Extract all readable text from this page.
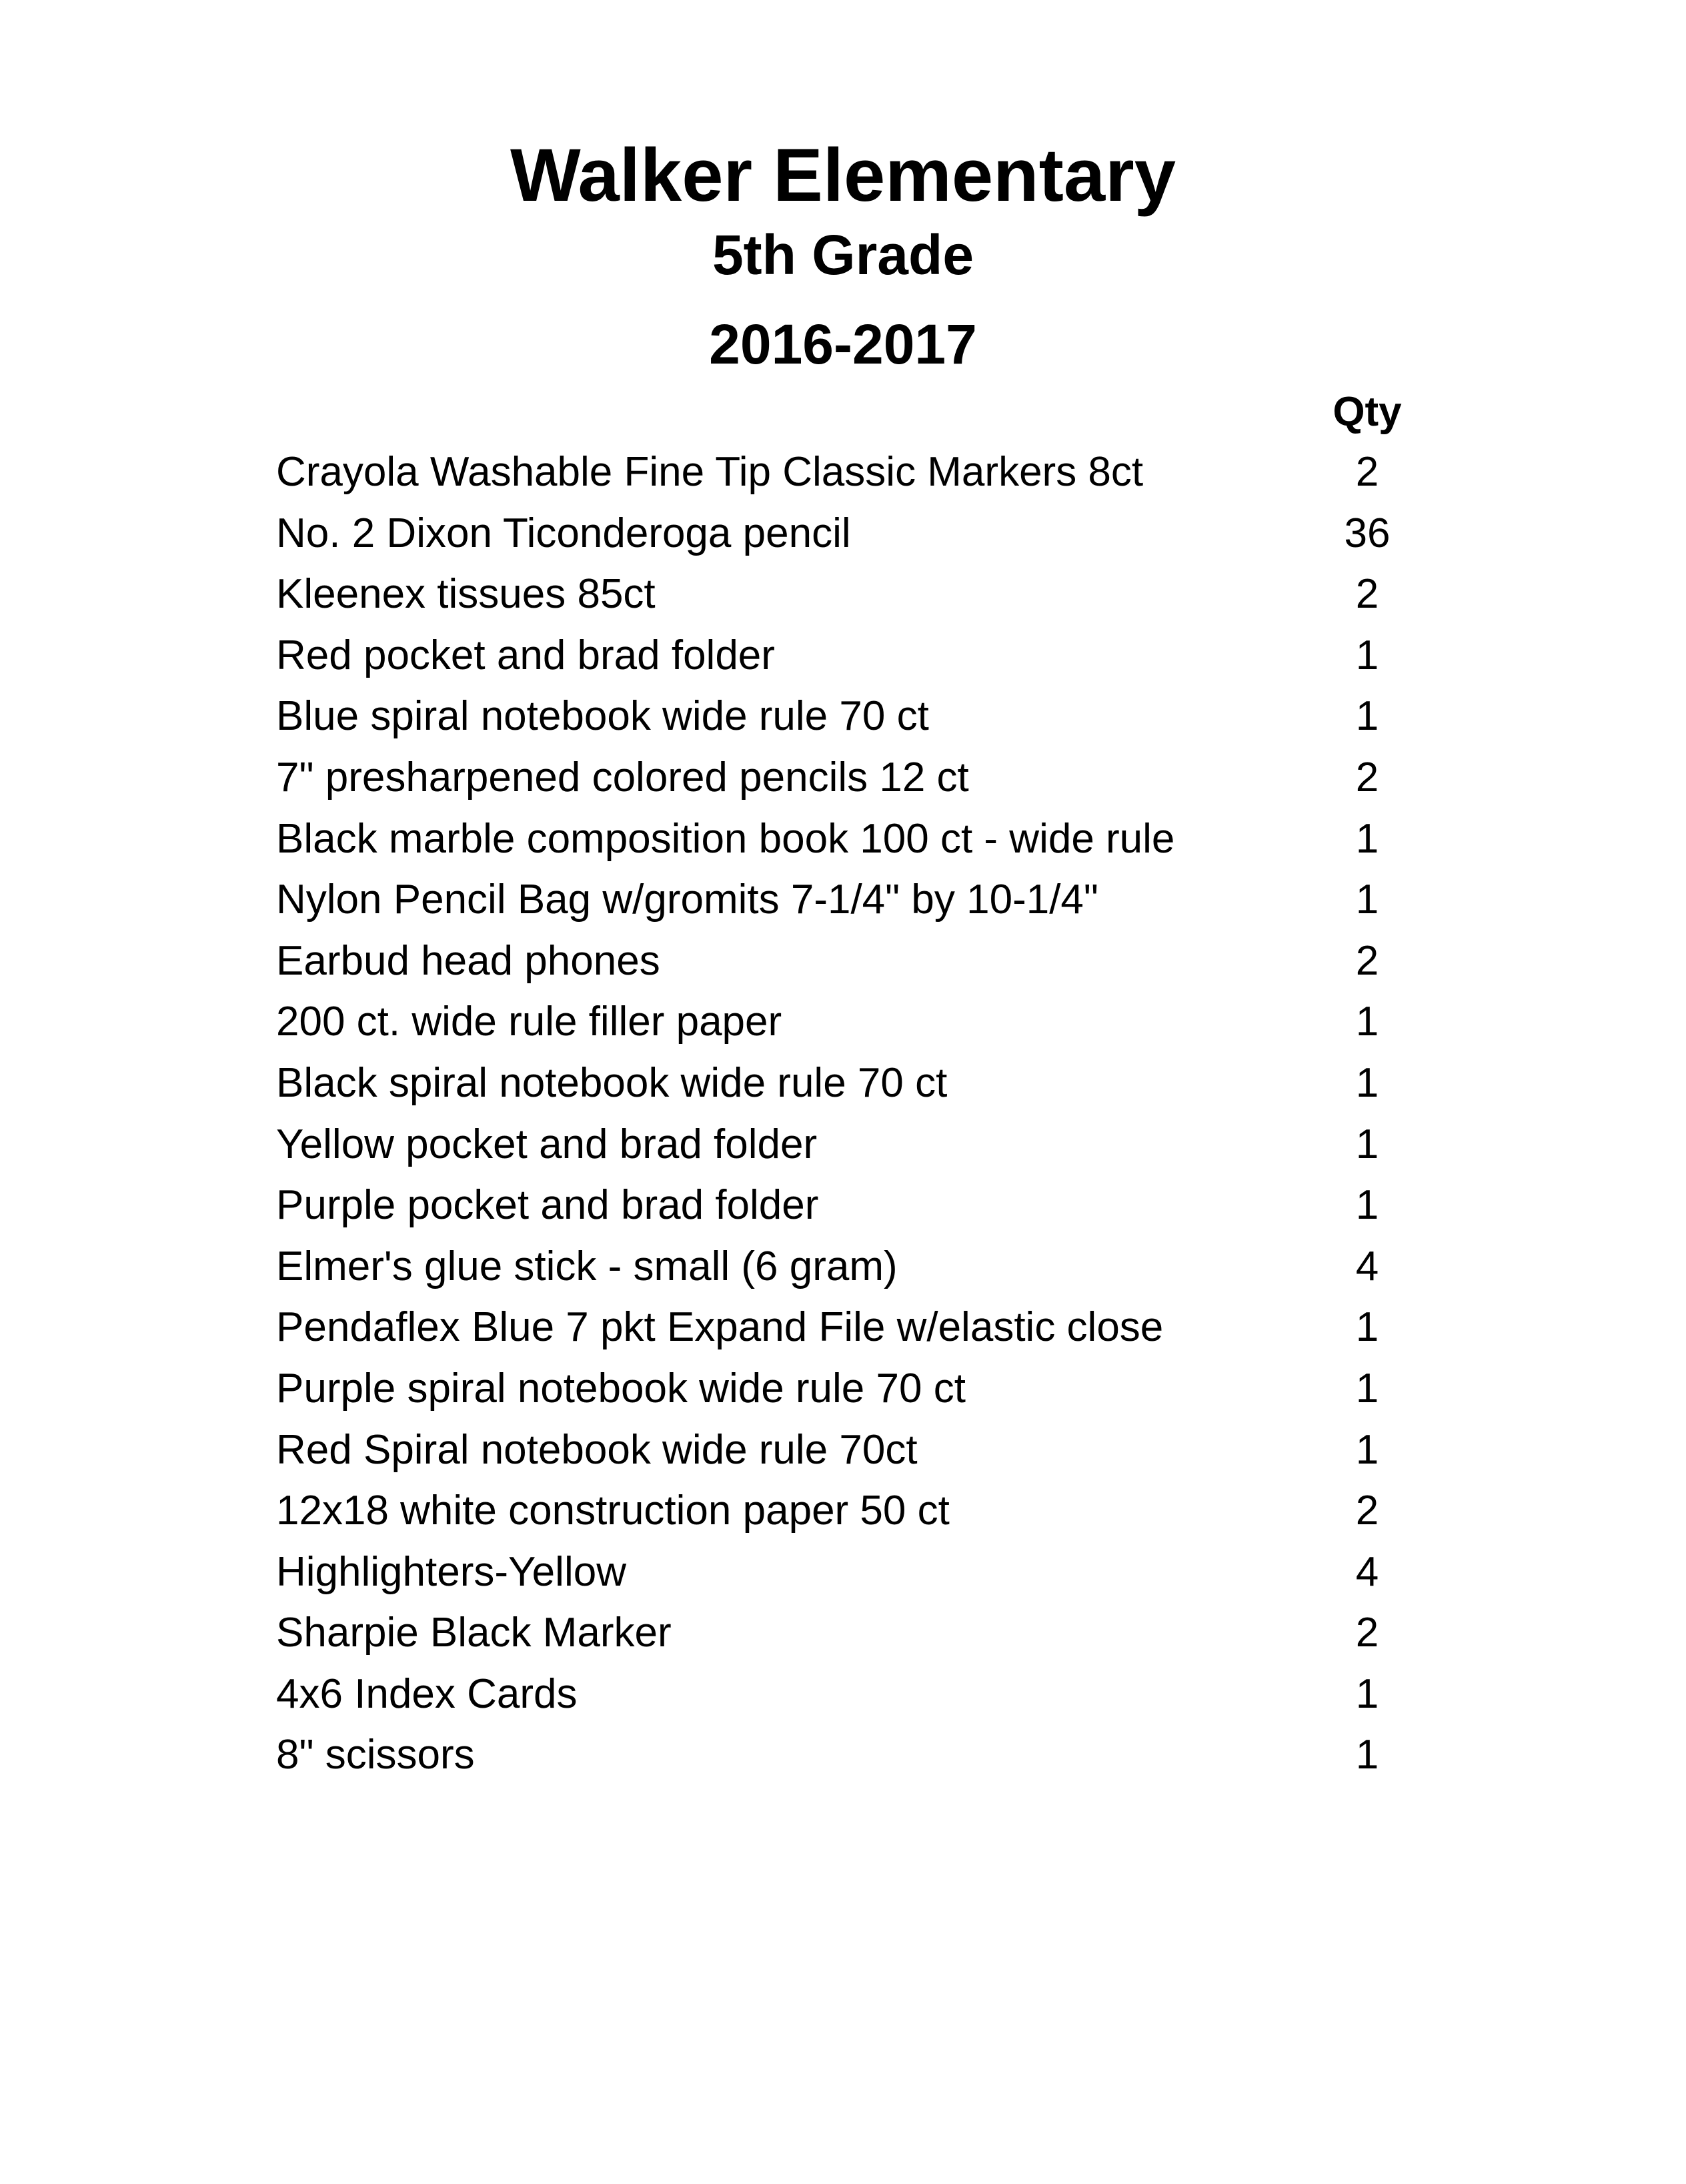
Walker Elementary
5th Grade
2016-2017
Qty
Crayola Washable Fine Tip Classic Markers 8ct	2
No. 2 Dixon Ticonderoga pencil	36
Kleenex tissues 85ct	2
Red pocket and brad folder	1
Blue spiral notebook wide rule 70 ct	1
7" presharpened colored pencils 12 ct	2
Black marble composition book 100 ct - wide rule	1
Nylon Pencil Bag w/gromits 7-1/4" by 10-1/4"	1
Earbud head phones	2
200 ct. wide rule filler paper	1
Black spiral notebook wide rule 70 ct	1
Yellow pocket and brad folder	1
Purple pocket and brad folder	1
Elmer's glue stick - small (6 gram)	4
Pendaflex Blue 7 pkt Expand File w/elastic close	1
Purple spiral notebook wide rule 70 ct	1
Red Spiral notebook wide rule 70ct	1
12x18 white construction paper 50 ct	2
Highlighters-Yellow	4
Sharpie Black Marker	2
4x6 Index Cards	1
8" scissors	1
